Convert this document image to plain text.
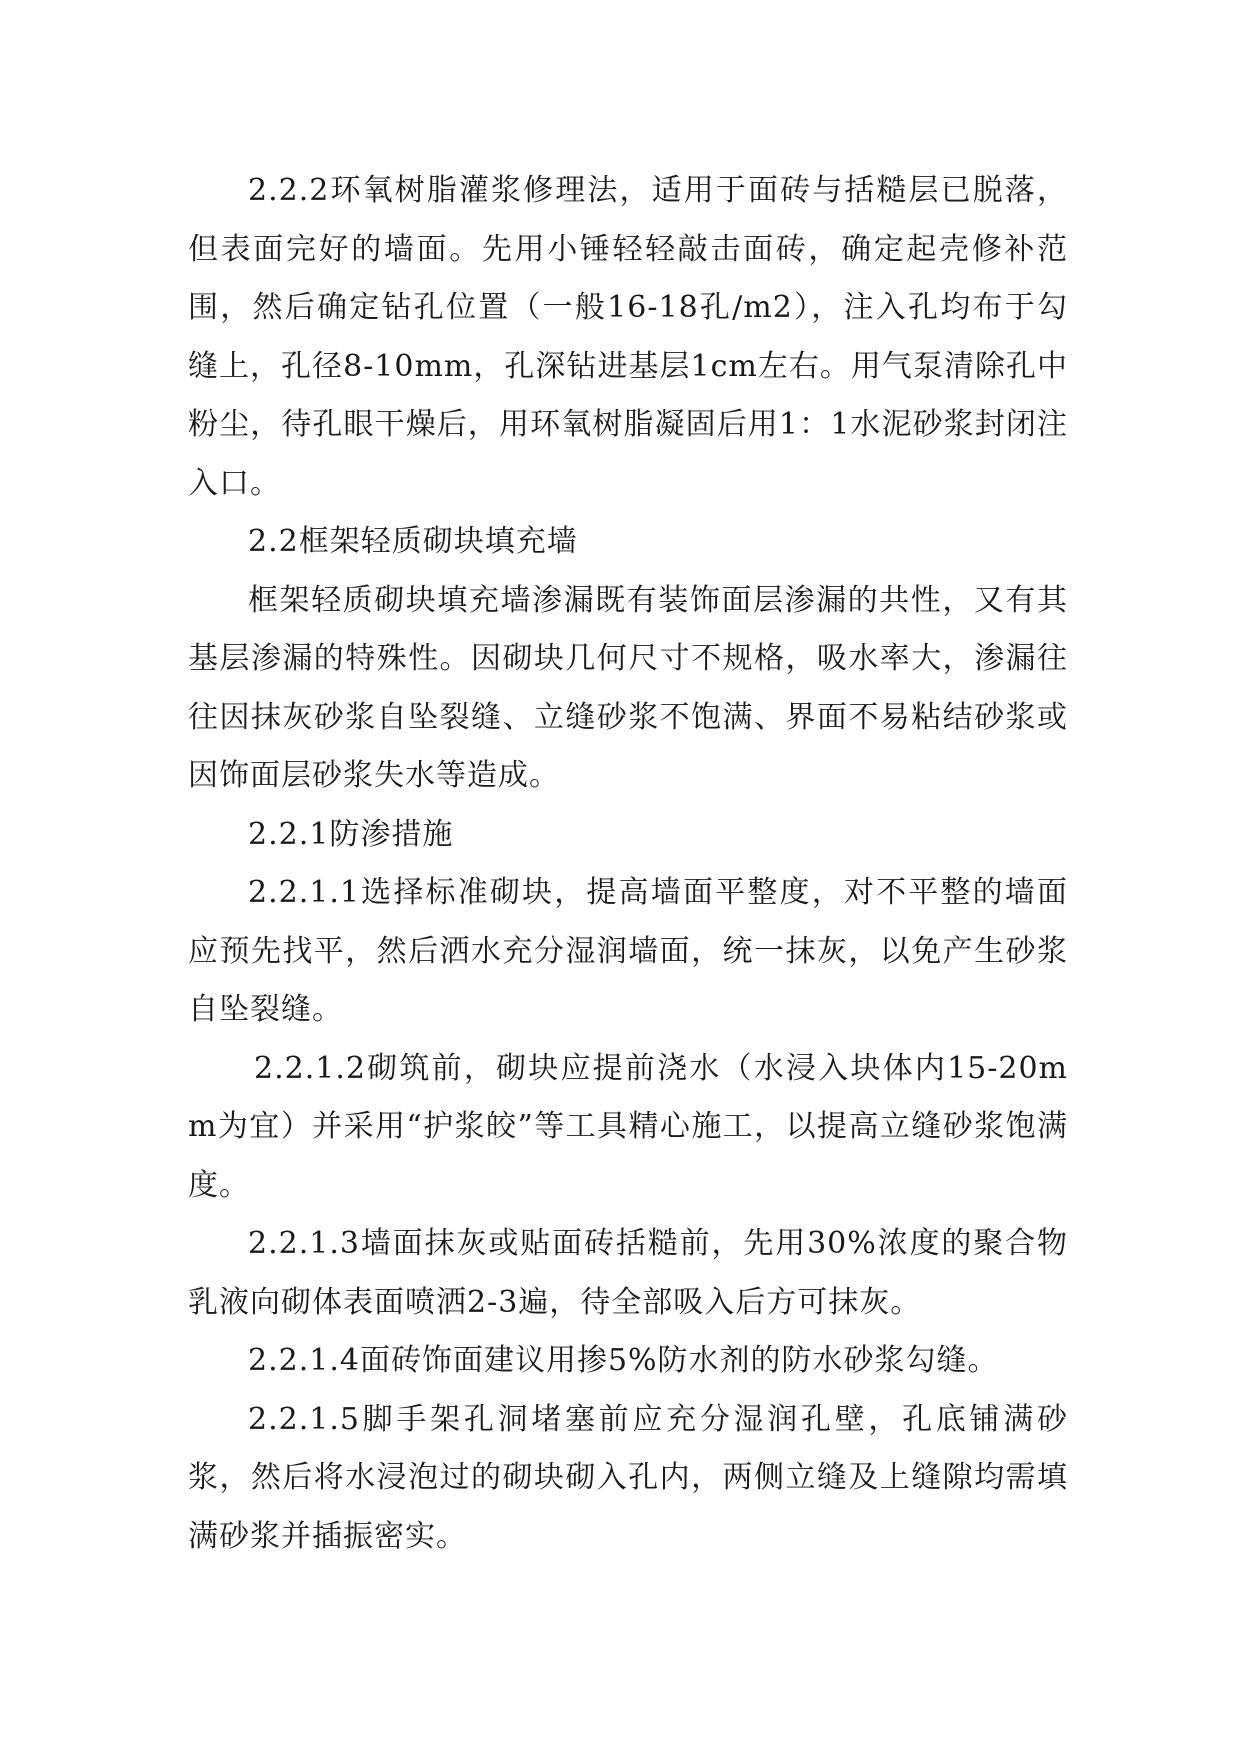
2.2.2环氧树脂灌浆修理法，适用于面砖与括糙层已脱落，但表面完好的墙面。先用小锤轻轻敲击面砖，确定起壳修补范围，然后确定钻孔位置（一般16-18孔/m2），注入孔均布于勾缝上，孔径8-10mm，孔深钻进基层1cm左右。用气泵清除孔中粉尘，待孔眼干燥后，用环氧树脂凝固后用1：1水泥砂浆封闭注入口。

2.2框架轻质砌块填充墙

框架轻质砌块填充墙渗漏既有装饰面层渗漏的共性，又有其基层渗漏的特殊性。因砌块几何尺寸不规格，吸水率大，渗漏往往因抹灰砂浆自坠裂缝、立缝砂浆不饱满、界面不易粘结砂浆或因饰面层砂浆失水等造成。

2.2.1防渗措施

2.2.1.1选择标准砌块，提高墙面平整度，对不平整的墙面应预先找平，然后洒水充分湿润墙面，统一抹灰，以免产生砂浆自坠裂缝。

2.2.1.2砌筑前，砌块应提前浇水（水浸入块体内15-20mm为宜）并采用“护浆皎”等工具精心施工，以提高立缝砂浆饱满度。

2.2.1.3墙面抹灰或贴面砖括糙前，先用30%浓度的聚合物乳液向砌体表面喷洒2-3遍，待全部吸入后方可抹灰。

2.2.1.4面砖饰面建议用掺5%防水剂的防水砂浆勾缝。

2.2.1.5脚手架孔洞堵塞前应充分湿润孔壁，孔底铺满砂浆，然后将水浸泡过的砌块砌入孔内，两侧立缝及上缝隙均需填满砂浆并插振密实。
